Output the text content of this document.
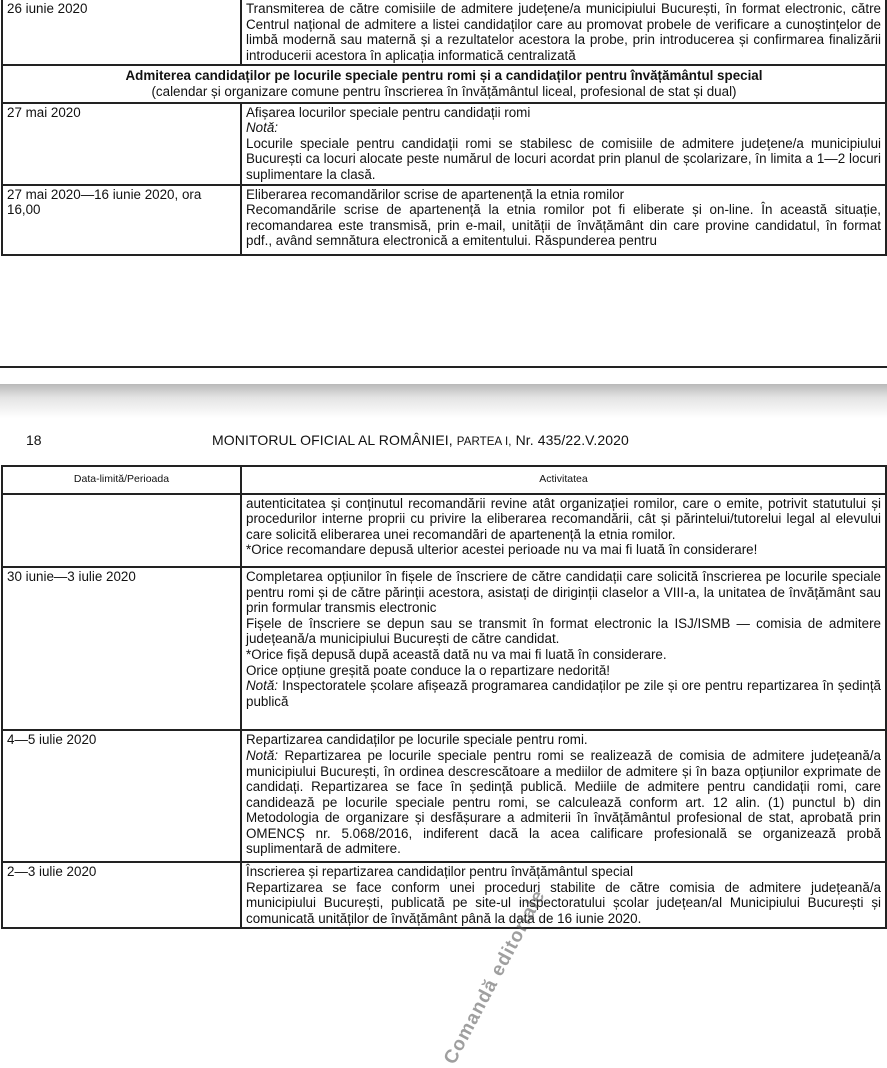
26 iunie 2020	Transmiterea de către comisiile de admitere județene/a municipiului București, în format electronic, către Centrul național de admitere a listei candidaților care au promovat probele de verificare a cunoștințelor de limbă modernă sau maternă și a rezultatelor acestora la probe, prin introducerea și confirmarea finalizării introducerii acestora în aplicația informatică centralizată

Admiterea candidaților pe locurile speciale pentru romi și a candidaților pentru învățământul special
(calendar și organizare comune pentru înscrierea în învățământul liceal, profesional de stat și dual)	

27 mai 2020	Afișarea locurilor speciale pentru candidații romi
Notă:
Locurile speciale pentru candidații romi se stabilesc de comisiile de admitere județene/a municipiului București ca locuri alocate peste numărul de locuri acordat prin planul de școlarizare, în limita a 1—2 locuri suplimentare la clasă.

27 mai 2020—16 iunie 2020, ora 16,00	Eliberarea recomandărilor scrise de apartenență la etnia romilor
Recomandările scrise de apartenență la etnia romilor pot fi eliberate și on-line. În această situație, recomandarea este transmisă, prin e-mail, unității de învățământ din care provine candidatul, în format pdf., având semnătura electronică a emitentului. Răspunderea pentru
18	MONITORUL OFICIAL AL ROMÂNIEI, PARTEA I, Nr. 435/22.V.2020
Data-limită/Perioada	Activitatea

	autenticitatea și conținutul recomandării revine atât organizației romilor, care o emite, potrivit statutului și procedurilor interne proprii cu privire la eliberarea recomandării, cât și părintelui/tutorelui legal al elevului care solicită eliberarea unei recomandări de apartenență la etnia romilor.
*Orice recomandare depusă ulterior acestei perioade nu va mai fi luată în considerare!

30 iunie—3 iulie 2020	Completarea opțiunilor în fișele de înscriere de către candidații care solicită înscrierea pe locurile speciale pentru romi și de către părinții acestora, asistați de diriginții claselor a VIII-a, la unitatea de învățământ sau prin formular transmis electronic
Fișele de înscriere se depun sau se transmit în format electronic la ISJ/ISMB — comisia de admitere județeană/a municipiului București de către candidat.
*Orice fișă depusă după această dată nu va mai fi luată în considerare.
Orice opțiune greșită poate conduce la o repartizare nedorită!
Notă: Inspectoratele școlare afișează programarea candidaților pe zile și ore pentru repartizarea în ședință publică

4—5 iulie 2020	Repartizarea candidaților pe locurile speciale pentru romi.
Notă: Repartizarea pe locurile speciale pentru romi se realizează de comisia de admitere județeană/a municipiului București, în ordinea descrescătoare a mediilor de admitere și în baza opțiunilor exprimate de candidați. Repartizarea se face în ședință publică. Mediile de admitere pentru candidații romi, care candidează pe locurile speciale pentru romi, se calculează conform art. 12 alin. (1) punctul b) din Metodologia de organizare și desfășurare a admiterii în învățământul profesional de stat, aprobată prin OMENCȘ nr. 5.068/2016, indiferent dacă la acea calificare profesională se organizează probă suplimentară de admitere.

2—3 iulie 2020	Înscrierea și repartizarea candidaților pentru învățământul special
Repartizarea se face conform unei proceduri stabilite de către comisia de admitere județeană/a municipiului București, publicată pe site-ul inspectoratului școlar județean/al Municipiului București și comunicată unităților de învățământ până la data de 16 iunie 2020.
Comandă editoriale
